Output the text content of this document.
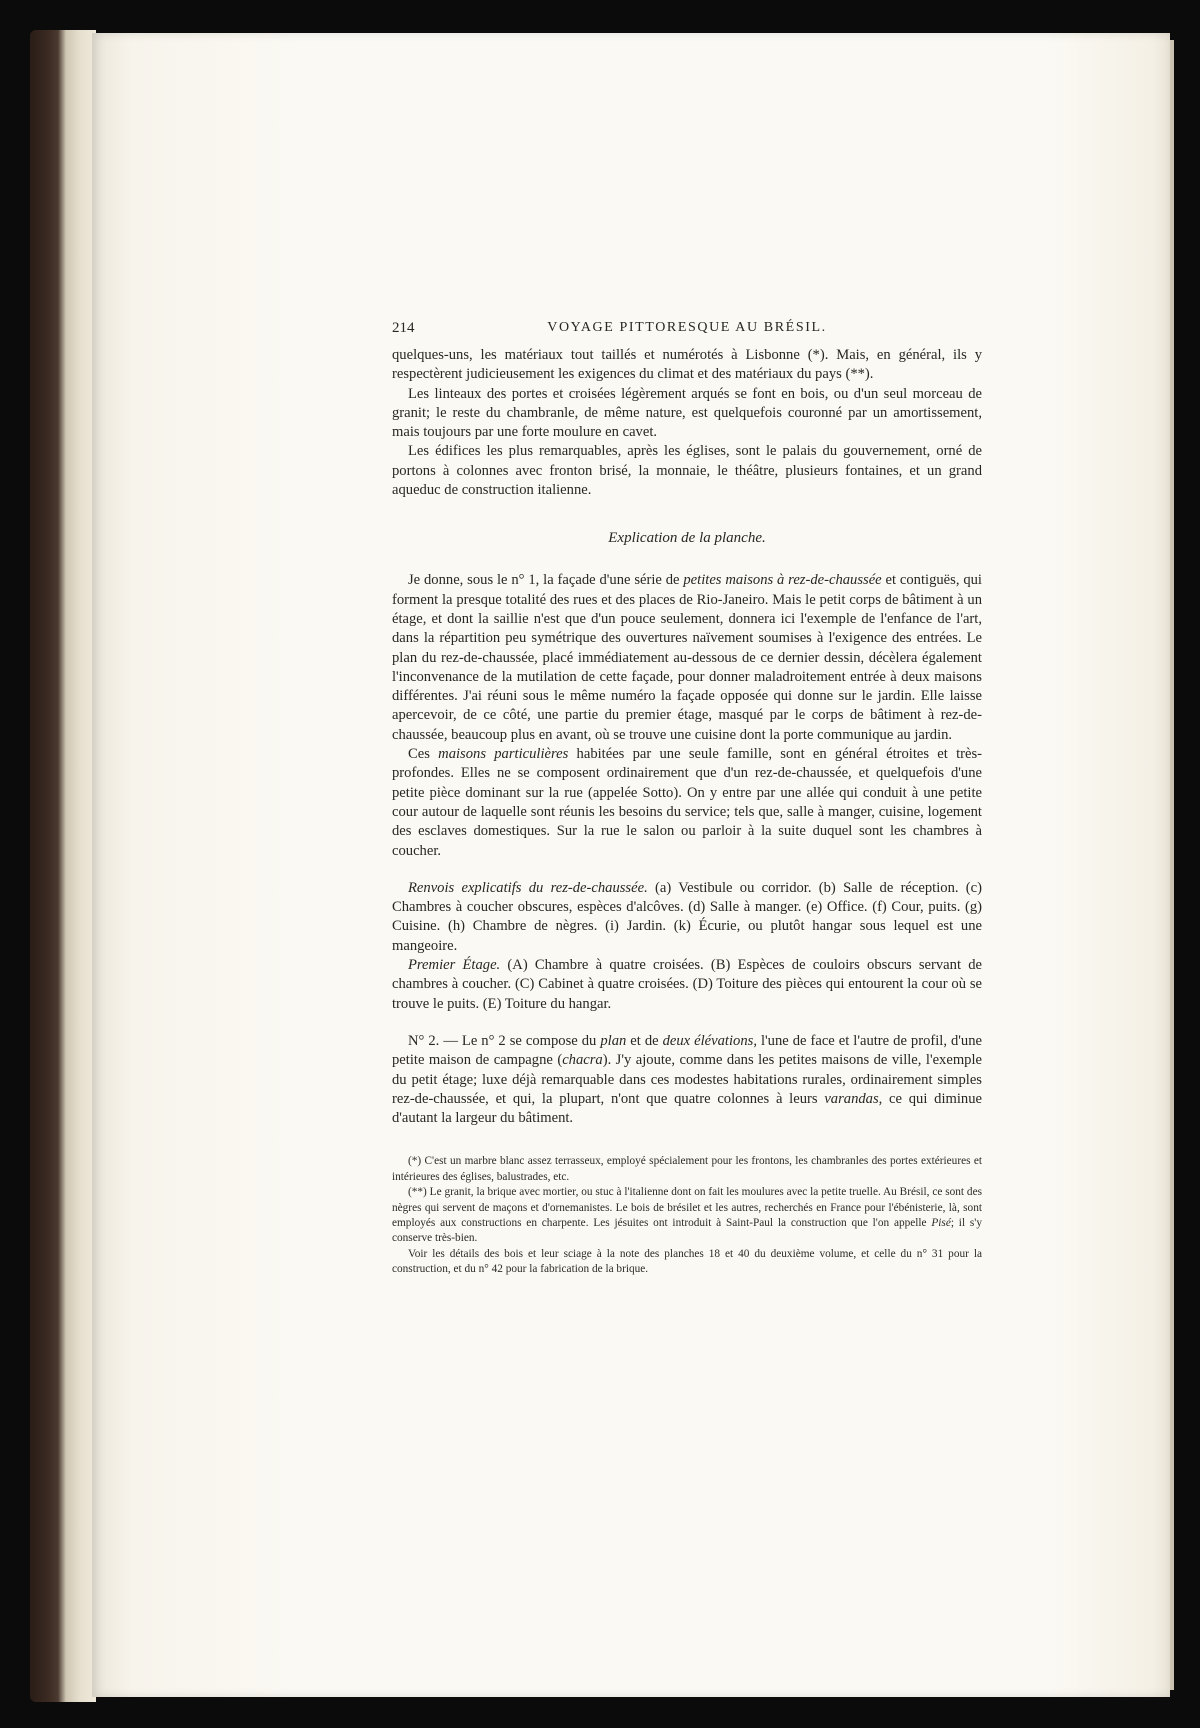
214	VOYAGE PITTORESQUE AU BRÉSIL.

quelques-uns, les matériaux tout taillés et numérotés à Lisbonne (*). Mais, en général, ils y respectèrent judicieusement les exigences du climat et des matériaux du pays (**).

Les linteaux des portes et croisées légèrement arqués se font en bois, ou d'un seul morceau de granit; le reste du chambranle, de même nature, est quelquefois couronné par un amortissement, mais toujours par une forte moulure en cavet.

Les édifices les plus remarquables, après les églises, sont le palais du gouvernement, orné de portons à colonnes avec fronton brisé, la monnaie, le théâtre, plusieurs fontaines, et un grand aqueduc de construction italienne.

Explication de la planche.

Je donne, sous le n° 1, la façade d'une série de petites maisons à rez-de-chaussée et contiguës, qui forment la presque totalité des rues et des places de Rio-Janeiro. Mais le petit corps de bâtiment à un étage, et dont la saillie n'est que d'un pouce seulement, donnera ici l'exemple de l'enfance de l'art, dans la répartition peu symétrique des ouvertures naïvement soumises à l'exigence des entrées. Le plan du rez-de-chaussée, placé immédiatement au-dessous de ce dernier dessin, décèlera également l'inconvenance de la mutilation de cette façade, pour donner maladroitement entrée à deux maisons différentes. J'ai réuni sous le même numéro la façade opposée qui donne sur le jardin. Elle laisse apercevoir, de ce côté, une partie du premier étage, masqué par le corps de bâtiment à rez-de-chaussée, beaucoup plus en avant, où se trouve une cuisine dont la porte communique au jardin.

Ces maisons particulières habitées par une seule famille, sont en général étroites et très-profondes. Elles ne se composent ordinairement que d'un rez-de-chaussée, et quelquefois d'une petite pièce dominant sur la rue (appelée Sotto). On y entre par une allée qui conduit à une petite cour autour de laquelle sont réunis les besoins du service; tels que, salle à manger, cuisine, logement des esclaves domestiques. Sur la rue le salon ou parloir à la suite duquel sont les chambres à coucher.

Renvois explicatifs du rez-de-chaussée. (a) Vestibule ou corridor. (b) Salle de réception. (c) Chambres à coucher obscures, espèces d'alcôves. (d) Salle à manger. (e) Office. (f) Cour, puits. (g) Cuisine. (h) Chambre de nègres. (i) Jardin. (k) Écurie, ou plutôt hangar sous lequel est une mangeoire.

Premier Étage. (A) Chambre à quatre croisées. (B) Espèces de couloirs obscurs servant de chambres à coucher. (C) Cabinet à quatre croisées. (D) Toiture des pièces qui entourent la cour où se trouve le puits. (E) Toiture du hangar.

N° 2. — Le n° 2 se compose du plan et de deux élévations, l'une de face et l'autre de profil, d'une petite maison de campagne (chacra). J'y ajoute, comme dans les petites maisons de ville, l'exemple du petit étage; luxe déjà remarquable dans ces modestes habitations rurales, ordinairement simples rez-de-chaussée, et qui, la plupart, n'ont que quatre colonnes à leurs varandas, ce qui diminue d'autant la largeur du bâtiment.

(*) C'est un marbre blanc assez terrasseux, employé spécialement pour les frontons, les chambranles des portes extérieures et intérieures des églises, balustrades, etc.

(**) Le granit, la brique avec mortier, ou stuc à l'italienne dont on fait les moulures avec la petite truelle. Au Brésil, ce sont des nègres qui servent de maçons et d'ornemanistes. Le bois de brésilet et les autres, recherchés en France pour l'ébénisterie, là, sont employés aux constructions en charpente. Les jésuites ont introduit à Saint-Paul la construction que l'on appelle Pisé; il s'y conserve très-bien.

Voir les détails des bois et leur sciage à la note des planches 18 et 40 du deuxième volume, et celle du n° 31 pour la construction, et du n° 42 pour la fabrication de la brique.
